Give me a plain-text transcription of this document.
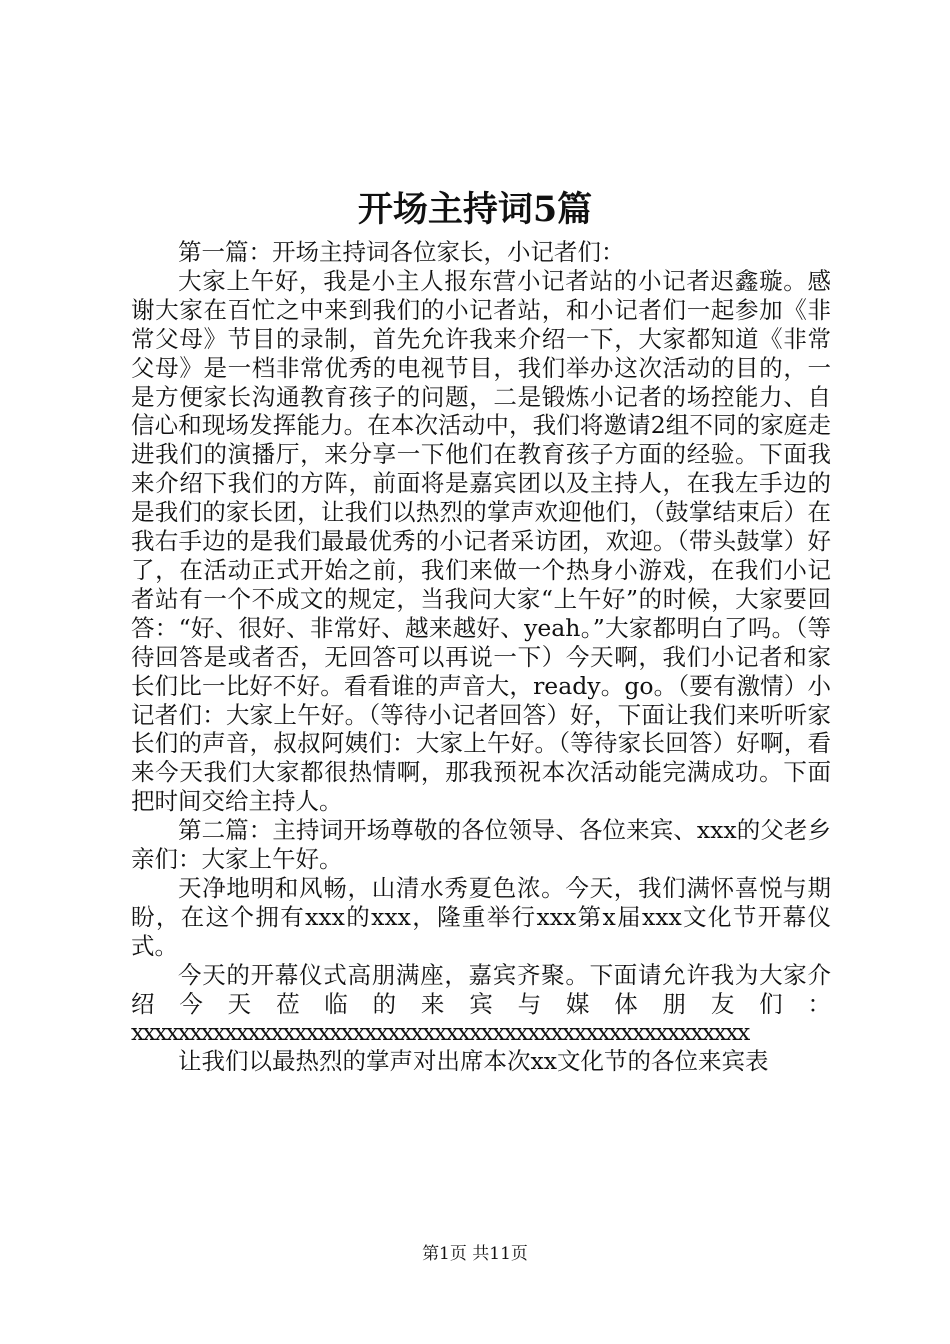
开场主持词5篇

第一篇：开场主持词各位家长，小记者们：

大家上午好，我是小主人报东营小记者站的小记者迟鑫璇。感谢大家在百忙之中来到我们的小记者站，和小记者们一起参加《非常父母》节目的录制，首先允许我来介绍一下，大家都知道《非常父母》是一档非常优秀的电视节目，我们举办这次活动的目的，一是方便家长沟通教育孩子的问题，二是锻炼小记者的场控能力、自信心和现场发挥能力。在本次活动中，我们将邀请2组不同的家庭走进我们的演播厅，来分享一下他们在教育孩子方面的经验。下面我来介绍下我们的方阵，前面将是嘉宾团以及主持人，在我左手边的是我们的家长团，让我们以热烈的掌声欢迎他们，（鼓掌结束后）在我右手边的是我们最最优秀的小记者采访团，欢迎。（带头鼓掌）好了，在活动正式开始之前，我们来做一个热身小游戏，在我们小记者站有一个不成文的规定，当我问大家“上午好”的时候，大家要回答：“好、很好、非常好、越来越好、yeah。”大家都明白了吗。（等待回答是或者否，无回答可以再说一下）今天啊，我们小记者和家长们比一比好不好。看看谁的声音大，ready。go。（要有激情）小记者们：大家上午好。（等待小记者回答）好，下面让我们来听听家长们的声音，叔叔阿姨们：大家上午好。（等待家长回答）好啊，看来今天我们大家都很热情啊，那我预祝本次活动能完满成功。下面把时间交给主持人。

第二篇：主持词开场尊敬的各位领导、各位来宾、xxx的父老乡亲们：大家上午好。

天净地明和风畅，山清水秀夏色浓。今天，我们满怀喜悦与期盼，在这个拥有xxx的xxx，隆重举行xxx第x届xxx文化节开幕仪式。

今天的开幕仪式高朋满座，嘉宾齐聚。下面请允许我为大家介绍今天莅临的来宾与媒体朋友们：

xxxxxxxxxxxxxxxxxxxxxxxxxxxxxxxxxxxxxxxxxxxxxxxxxxxxx

让我们以最热烈的掌声对出席本次xx文化节的各位来宾表

第1页 共11页
